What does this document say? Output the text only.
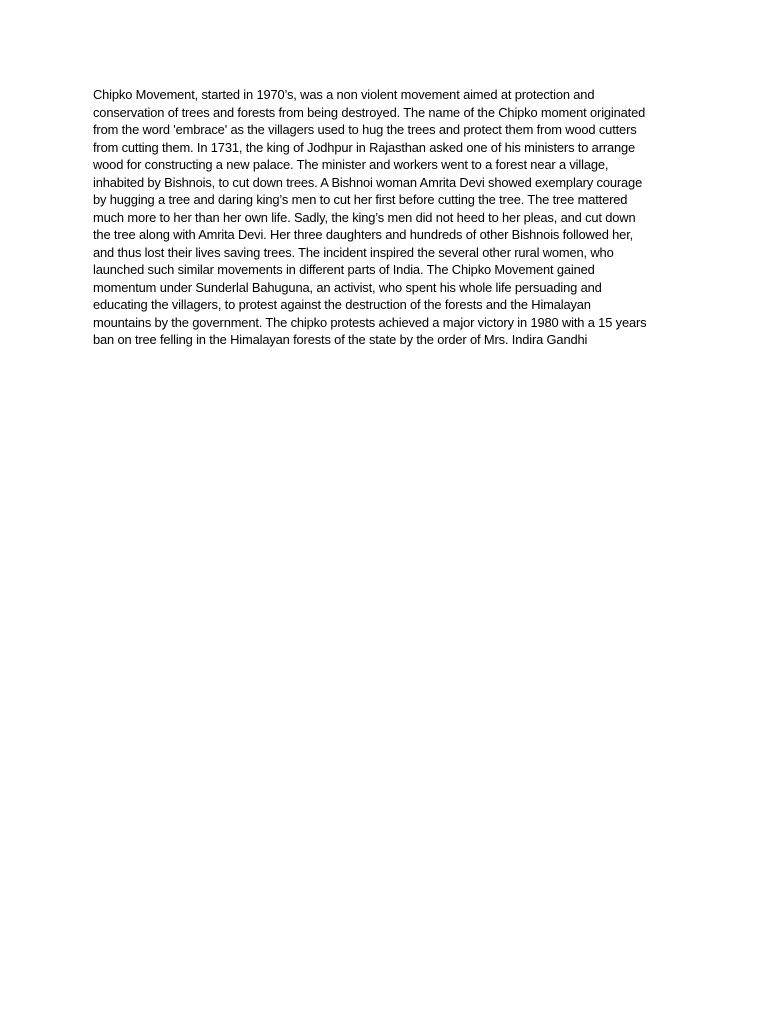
Chipko Movement, started in 1970’s, was a non violent movement aimed at protection and
conservation of trees and forests from being destroyed. The name of the Chipko moment originated
from the word 'embrace' as the villagers used to hug the trees and protect them from wood cutters
from cutting them. In 1731, the king of Jodhpur in Rajasthan asked one of his ministers to arrange
wood for constructing a new palace. The minister and workers went to a forest near a village,
inhabited by Bishnois, to cut down trees. A Bishnoi woman Amrita Devi showed exemplary courage
by hugging a tree and daring king’s men to cut her first before cutting the tree. The tree mattered
much more to her than her own life. Sadly, the king’s men did not heed to her pleas, and cut down
the tree along with Amrita Devi. Her three daughters and hundreds of other Bishnois followed her,
and thus lost their lives saving trees. The incident inspired the several other rural women, who
launched such similar movements in different parts of India. The Chipko Movement gained
momentum under Sunderlal Bahuguna, an activist, who spent his whole life persuading and
educating the villagers, to protest against the destruction of the forests and the Himalayan
mountains by the government. The chipko protests achieved a major victory in 1980 with a 15 years
ban on tree felling in the Himalayan forests of the state by the order of Mrs. Indira Gandhi
